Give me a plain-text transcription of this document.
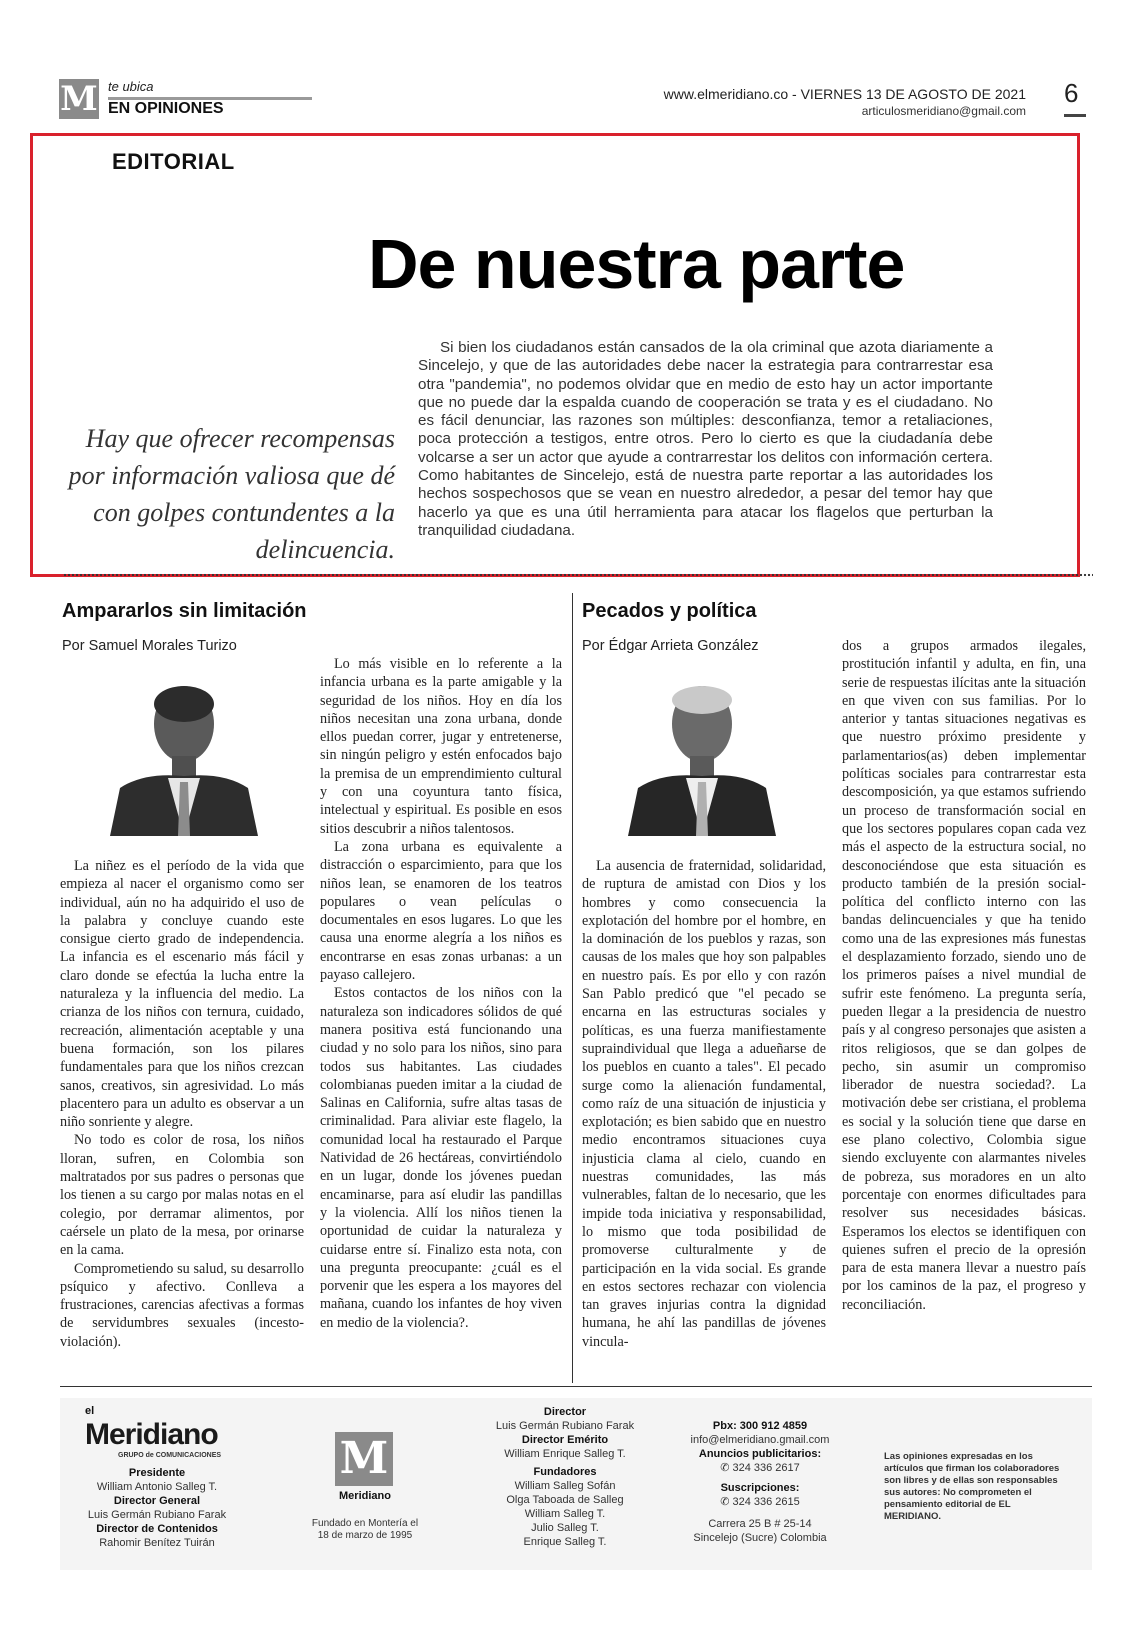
M te ubica
EN OPINIONES
www.elmeridiano.co - VIERNES 13 DE AGOSTO DE 2021
articulosmeridiano@gmail.com
6
EDITORIAL
De nuestra parte
Hay que ofrecer recompensas por información valiosa que dé con golpes contundentes a la delincuencia.

Si bien los ciudadanos están cansados de la ola criminal que azota diariamente a Sincelejo, y que de las autoridades debe nacer la estrategia para contrarrestar esa otra "pandemia", no podemos olvidar que en medio de esto hay un actor importante que no puede dar la espalda cuando de cooperación se trata y es el ciudadano. No es fácil denunciar, las razones son múltiples: desconfianza, temor a retaliaciones, poca protección a testigos, entre otros. Pero lo cierto es que la ciudadanía debe volcarse a ser un actor que ayude a contrarrestar los delitos con información certera. Como habitantes de Sincelejo, está de nuestra parte reportar a las autoridades los hechos sospechosos que se vean en nuestro alrededor, a pesar del temor hay que hacerlo ya que es una útil herramienta para atacar los flagelos que perturban la tranquilidad ciudadana.

Ampararlos sin limitación
Por Samuel Morales Turizo

La niñez es el período de la vida que empieza al nacer el organismo como ser individual, aún no ha adquirido el uso de la palabra y concluye cuando este consigue cierto grado de independencia. La infancia es el escenario más fácil y claro donde se efectúa la lucha entre la naturaleza y la influencia del medio. La crianza de los niños con ternura, cuidado, recreación, alimentación aceptable y una buena formación, son los pilares fundamentales para que los niños crezcan sanos, creativos, sin agresividad. Lo más placentero para un adulto es observar a un niño sonriente y alegre.

No todo es color de rosa, los niños lloran, sufren, en Colombia son maltratados por sus padres o personas que los tienen a su cargo por malas notas en el colegio, por derramar alimentos, por caérsele un plato de la mesa, por orinarse en la cama.

Comprometiendo su salud, su desarrollo psíquico y afectivo. Conlleva a frustraciones, carencias afectivas a formas de servidumbres sexuales (incesto-violación).

Lo más visible en lo referente a la infancia urbana es la parte amigable y la seguridad de los niños. Hoy en día los niños necesitan una zona urbana, donde ellos puedan correr, jugar y entretenerse, sin ningún peligro y estén enfocados bajo la premisa de un emprendimiento cultural y con una coyuntura tanto física, intelectual y espiritual. Es posible en esos sitios descubrir a niños talentosos.

La zona urbana es equivalente a distracción o esparcimiento, para que los niños lean, se enamoren de los teatros populares o vean películas o documentales en esos lugares. Lo que les causa una enorme alegría a los niños es encontrarse en esas zonas urbanas: a un payaso callejero.

Estos contactos de los niños con la naturaleza son indicadores sólidos de qué manera positiva está funcionando una ciudad y no solo para los niños, sino para todos sus habitantes. Las ciudades colombianas pueden imitar a la ciudad de Salinas en California, sufre altas tasas de criminalidad. Para aliviar este flagelo, la comunidad local ha restaurado el Parque Natividad de 26 hectáreas, convirtiéndolo en un lugar, donde los jóvenes puedan encaminarse, para así eludir las pandillas y la violencia. Allí los niños tienen la oportunidad de cuidar la naturaleza y cuidarse entre sí. Finalizo esta nota, con una pregunta preocupante: ¿cuál es el porvenir que les espera a los mayores del mañana, cuando los infantes de hoy viven en medio de la violencia?.

Pecados y política
Por Édgar Arrieta González

La ausencia de fraternidad, solidaridad, de ruptura de amistad con Dios y los hombres y como consecuencia la explotación del hombre por el hombre, en la dominación de los pueblos y razas, son causas de los males que hoy son palpables en nuestro país. Es por ello y con razón San Pablo predicó que "el pecado se encarna en las estructuras sociales y políticas, es una fuerza manifiestamente supraindividual que llega a adueñarse de los pueblos en cuanto a tales". El pecado surge como la alienación fundamental, como raíz de una situación de injusticia y explotación; es bien sabido que en nuestro medio encontramos situaciones cuya injusticia clama al cielo, cuando en nuestras comunidades, las más vulnerables, faltan de lo necesario, que les impide toda iniciativa y responsabilidad, lo mismo que toda posibilidad de promoverse culturalmente y de participación en la vida social. Es grande en estos sectores rechazar con violencia tan graves injurias contra la dignidad humana, he ahí las pandillas de jóvenes vincula-

dos a grupos armados ilegales, prostitución infantil y adulta, en fin, una serie de respuestas ilícitas ante la situación en que viven con sus familias. Por lo anterior y tantas situaciones negativas es que nuestro próximo presidente y parlamentarios(as) deben implementar políticas sociales para contrarrestar esta descomposición, ya que estamos sufriendo un proceso de transformación social en que los sectores populares copan cada vez más el aspecto de la estructura social, no desconociéndose que esta situación es producto también de la presión social-política del conflicto interno con las bandas delincuenciales y que ha tenido como una de las expresiones más funestas el desplazamiento forzado, siendo uno de los primeros países a nivel mundial de sufrir este fenómeno. La pregunta sería, pueden llegar a la presidencia de nuestro país y al congreso personajes que asisten a ritos religiosos, que se dan golpes de pecho, sin asumir un compromiso liberador de nuestra sociedad?. La motivación debe ser cristiana, el problema es social y la solución tiene que darse en ese plano colectivo, Colombia sigue siendo excluyente con alarmantes niveles de pobreza, sus moradores en un alto porcentaje con enormes dificultades para resolver sus necesidades básicas. Esperamos los electos se identifiquen con quienes sufren el precio de la opresión para de esta manera llevar a nuestro país por los caminos de la paz, el progreso y reconciliación.

el
Meridiano
GRUPO de COMUNICACIONES
Presidente
William Antonio Salleg T.
Director General
Luis Germán Rubiano Farak
Director de Contenidos
Rahomir Benítez Tuirán
M
Meridiano
Fundado en Montería el 18 de marzo de 1995
Director
Luis Germán Rubiano Farak
Director Emérito
William Enrique Salleg T.
Fundadores
William Salleg Sofán
Olga Taboada de Salleg
William Salleg T.
Julio Salleg T.
Enrique Salleg T.
Pbx: 300 912 4859
info@elmeridiano.gmail.com
Anuncios publicitarios:
✆ 324 336 2617
Suscripciones:
✆ 324 336 2615
Carrera 25 B # 25-14
Sincelejo (Sucre) Colombia
Las opiniones expresadas en los artículos que firman los colaboradores son libres y de ellas son responsables sus autores: No comprometen el pensamiento editorial de EL MERIDIANO.
